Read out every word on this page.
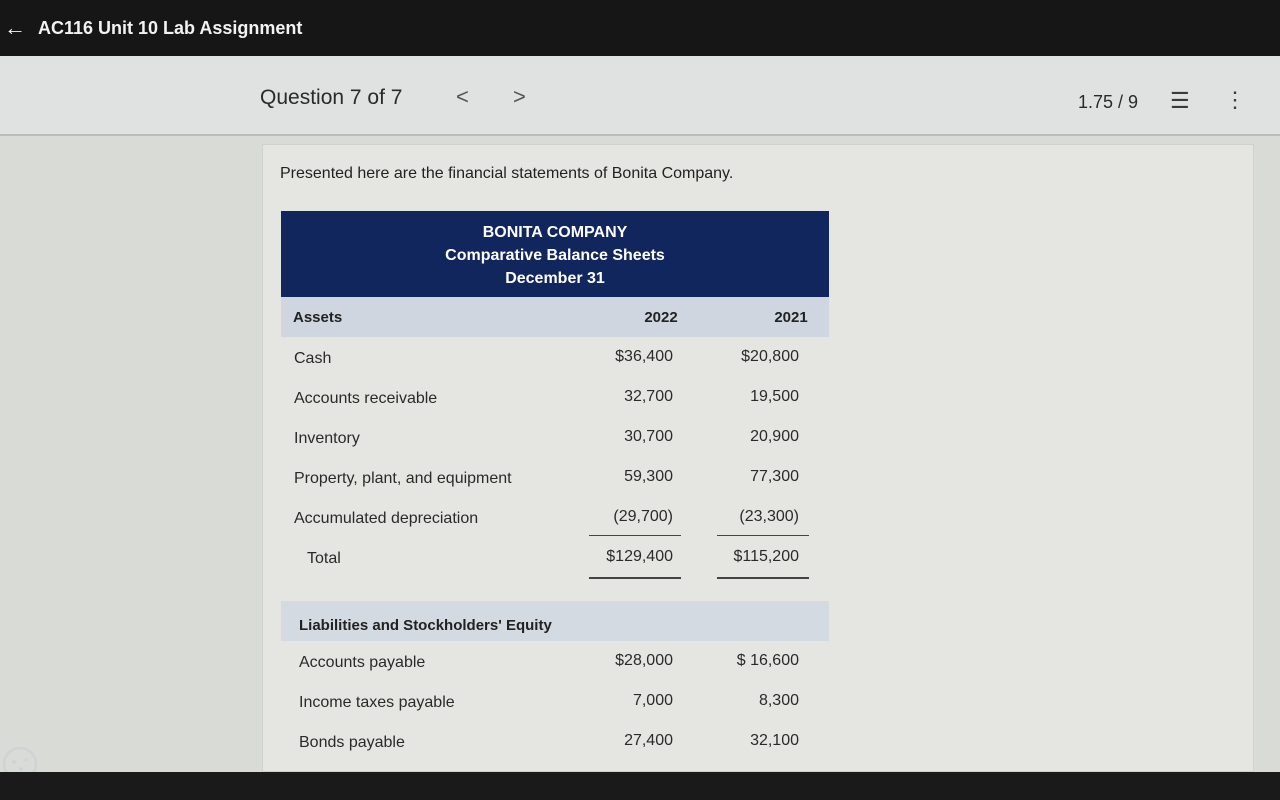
← AC116 Unit 10 Lab Assignment
Question 7 of 7 < >	1.75 / 9 ☰ ⋮
Presented here are the financial statements of Bonita Company.
BONITA COMPANY
Comparative Balance Sheets
December 31
Assets	2022	2021
Cash	$36,400	$20,800
Accounts receivable	32,700	19,500
Inventory	30,700	20,900
Property, plant, and equipment	59,300	77,300
Accumulated depreciation	(29,700)	(23,300)
Total	$129,400	$115,200
Liabilities and Stockholders' Equity
Accounts payable	$28,000	$ 16,600
Income taxes payable	7,000	8,300
Bonds payable	27,400	32,100
